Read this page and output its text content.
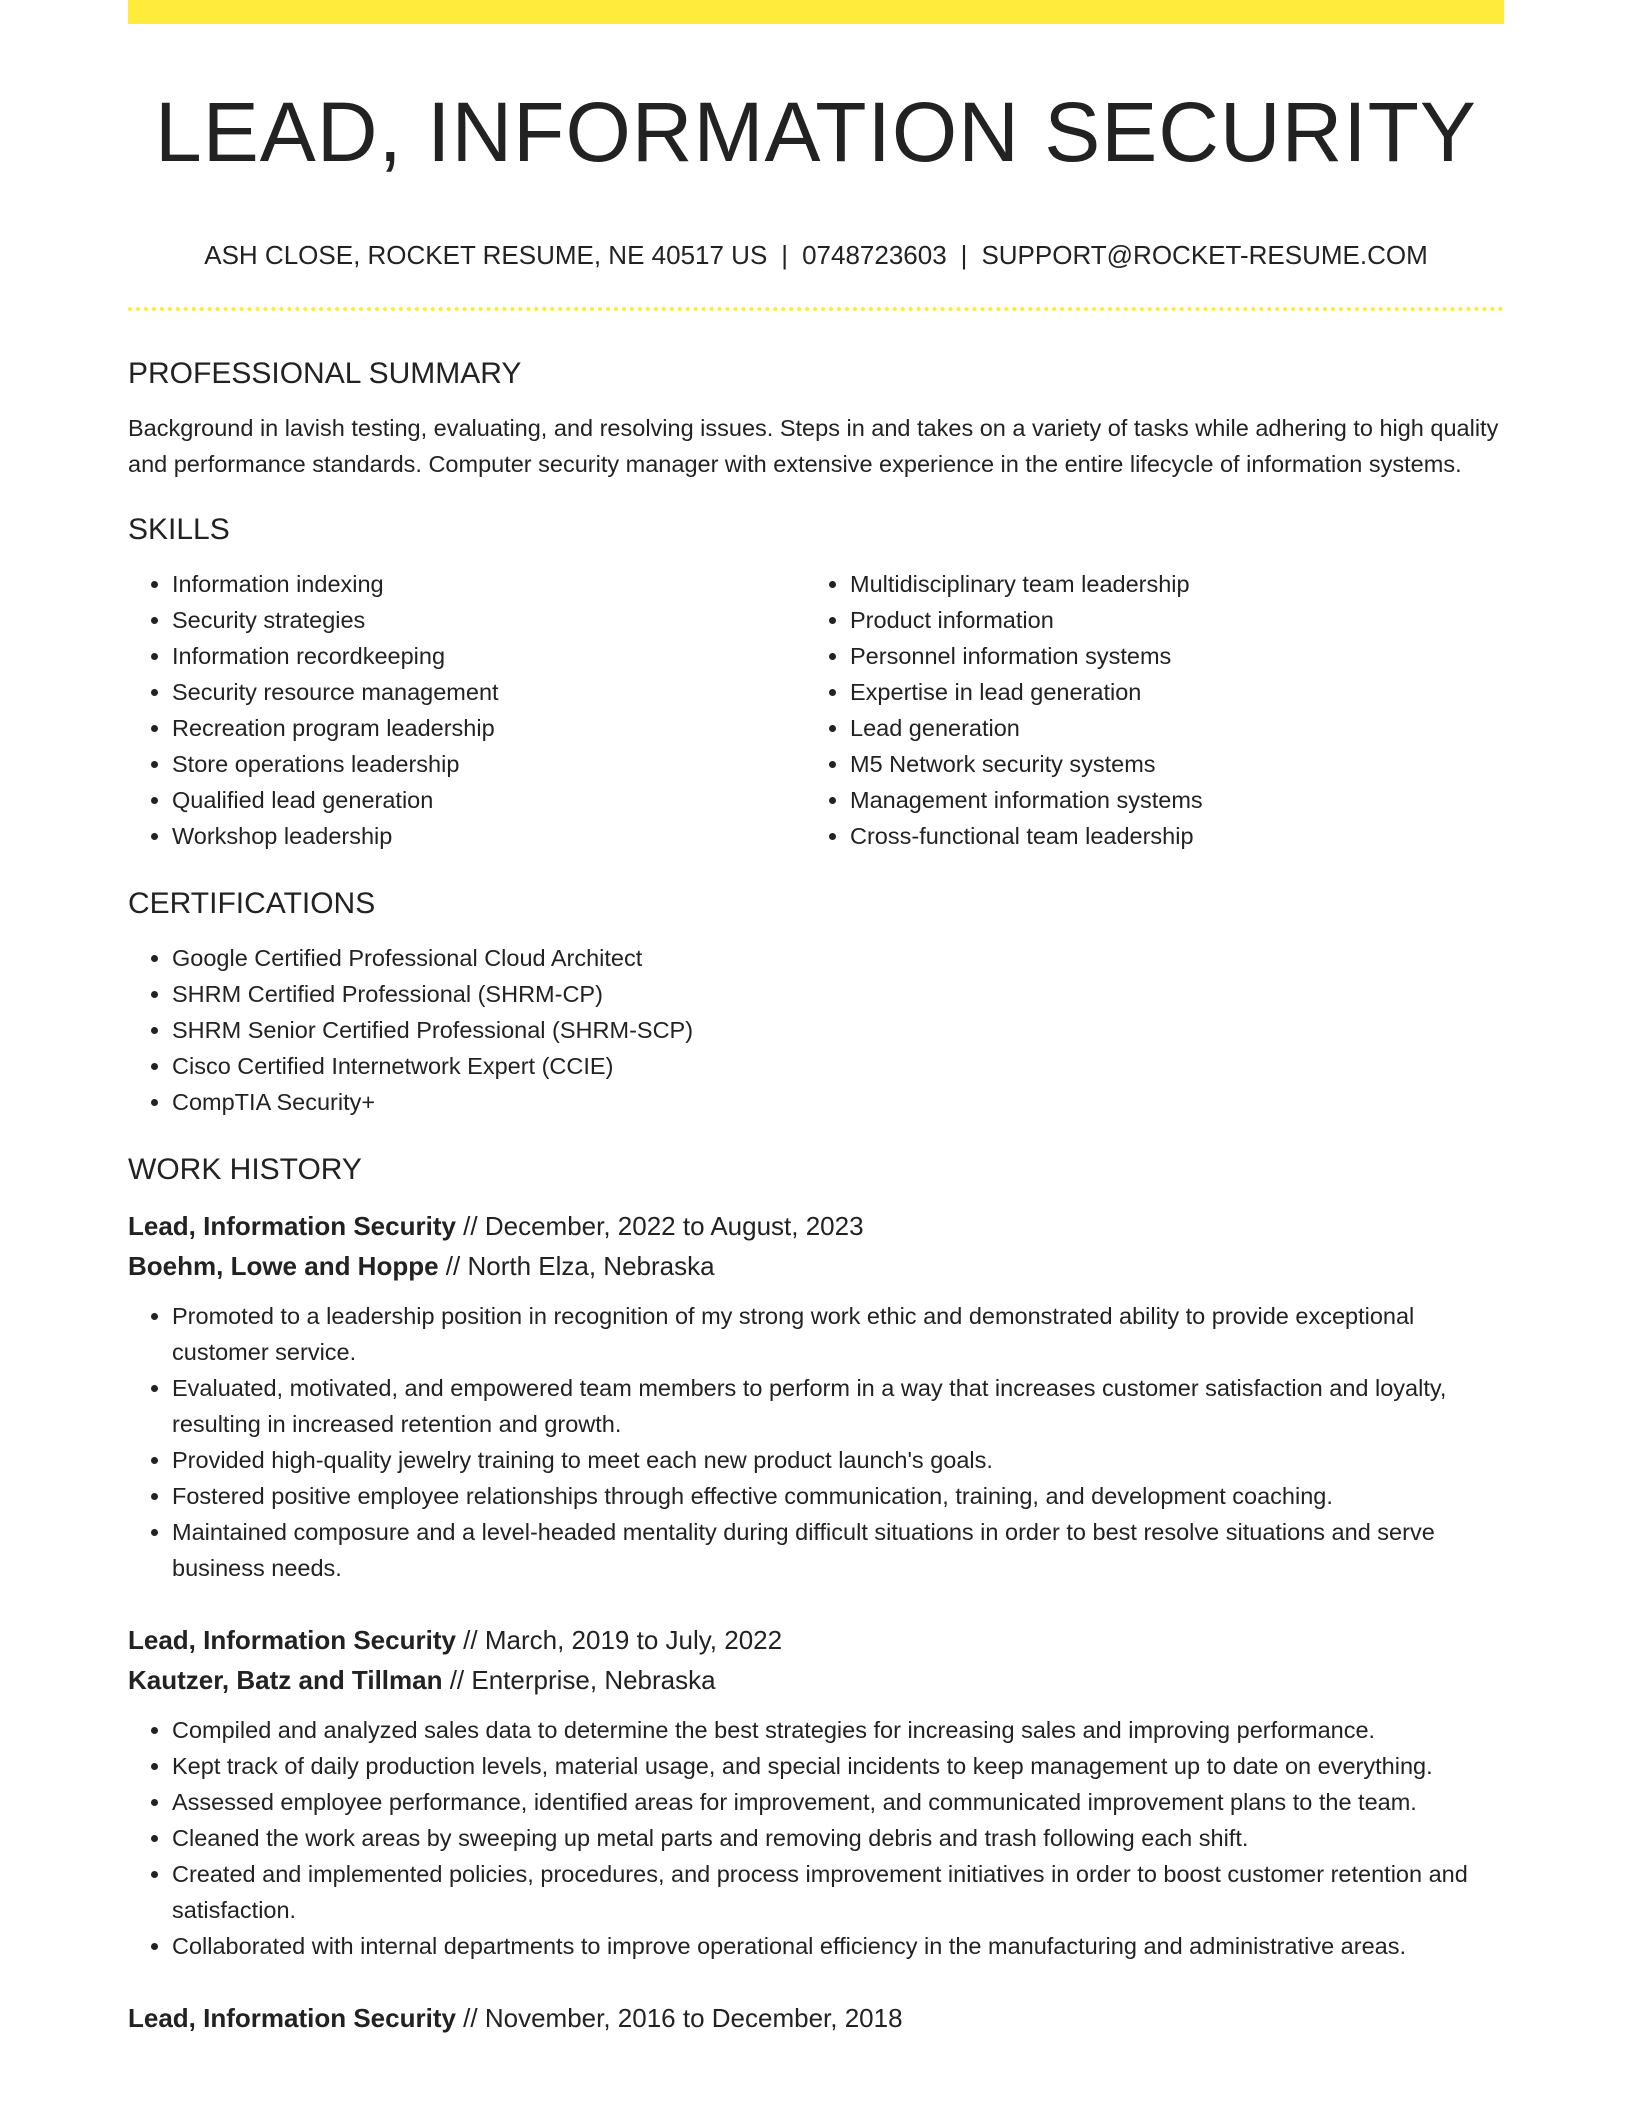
LEAD, INFORMATION SECURITY
ASH CLOSE, ROCKET RESUME, NE 40517 US | 0748723603 | SUPPORT@ROCKET-RESUME.COM
PROFESSIONAL SUMMARY

Background in lavish testing, evaluating, and resolving issues. Steps in and takes on a variety of tasks while adhering to high quality and performance standards. Computer security manager with extensive experience in the entire lifecycle of information systems.

SKILLS
• Information indexing
• Security strategies
• Information recordkeeping
• Security resource management
• Recreation program leadership
• Store operations leadership
• Qualified lead generation
• Workshop leadership
• Multidisciplinary team leadership
• Product information
• Personnel information systems
• Expertise in lead generation
• Lead generation
• M5 Network security systems
• Management information systems
• Cross-functional team leadership
CERTIFICATIONS
• Google Certified Professional Cloud Architect
• SHRM Certified Professional (SHRM-CP)
• SHRM Senior Certified Professional (SHRM-SCP)
• Cisco Certified Internetwork Expert (CCIE)
• CompTIA Security+
WORK HISTORY
Lead, Information Security // December, 2022 to August, 2023
Boehm, Lowe and Hoppe // North Elza, Nebraska
• Promoted to a leadership position in recognition of my strong work ethic and demonstrated ability to provide exceptional customer service.
• Evaluated, motivated, and empowered team members to perform in a way that increases customer satisfaction and loyalty, resulting in increased retention and growth.
• Provided high-quality jewelry training to meet each new product launch's goals.
• Fostered positive employee relationships through effective communication, training, and development coaching.
• Maintained composure and a level-headed mentality during difficult situations in order to best resolve situations and serve business needs.
Lead, Information Security // March, 2019 to July, 2022
Kautzer, Batz and Tillman // Enterprise, Nebraska
• Compiled and analyzed sales data to determine the best strategies for increasing sales and improving performance.
• Kept track of daily production levels, material usage, and special incidents to keep management up to date on everything.
• Assessed employee performance, identified areas for improvement, and communicated improvement plans to the team.
• Cleaned the work areas by sweeping up metal parts and removing debris and trash following each shift.
• Created and implemented policies, procedures, and process improvement initiatives in order to boost customer retention and satisfaction.
• Collaborated with internal departments to improve operational efficiency in the manufacturing and administrative areas.
Lead, Information Security // November, 2016 to December, 2018
